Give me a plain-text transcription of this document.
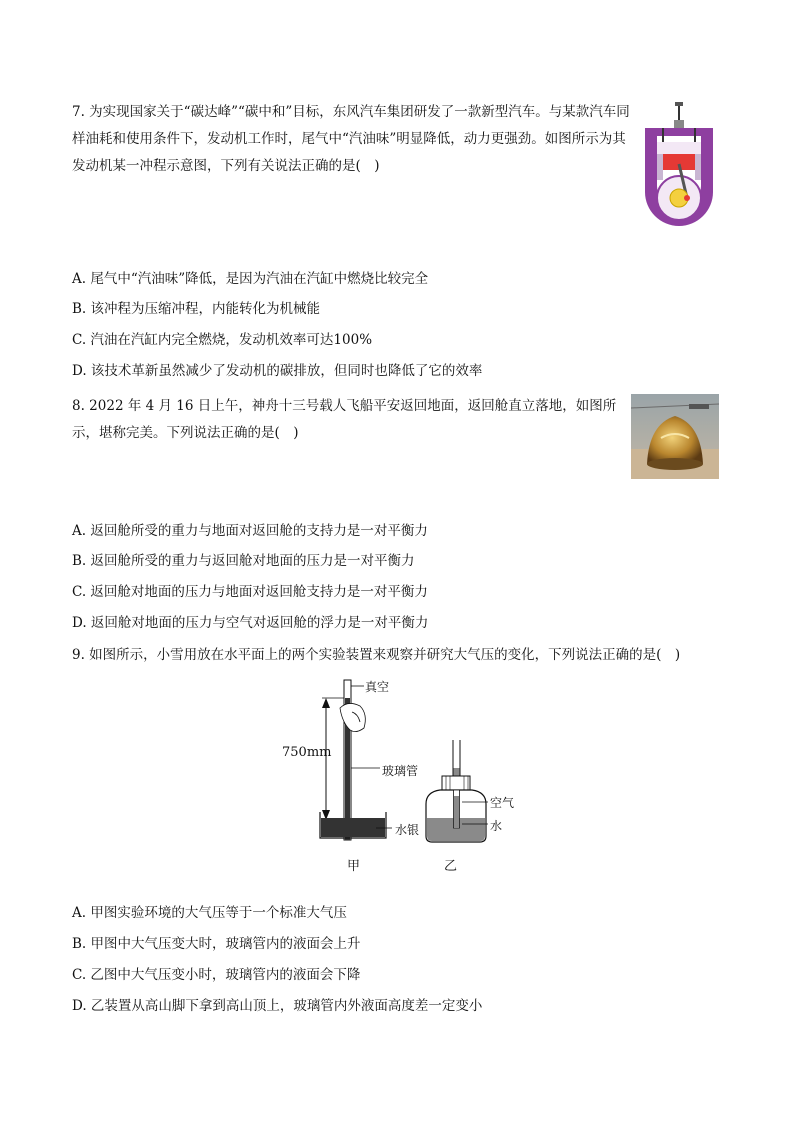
7. 为实现国家关于“碳达峰”“碳中和”目标，东风汽车集团研发了一款新型汽车。与某款汽车同样油耗和使用条件下，发动机工作时，尾气中“汽油味”明显降低，动力更强劲。如图所示为其发动机某一冲程示意图，下列有关说法正确的是(　)
A. 尾气中“汽油味”降低，是因为汽油在汽缸中燃烧比较完全
B. 该冲程为压缩冲程，内能转化为机械能
C. 汽油在汽缸内完全燃烧，发动机效率可达100%
D. 该技术革新虽然减少了发动机的碳排放，但同时也降低了它的效率
8. 2022 年 4 月 16 日上午，神舟十三号载人飞船平安返回地面，返回舱直立落地，如图所示，堪称完美。下列说法正确的是(　)
A. 返回舱所受的重力与地面对返回舱的支持力是一对平衡力
B. 返回舱所受的重力与返回舱对地面的压力是一对平衡力
C. 返回舱对地面的压力与地面对返回舱支持力是一对平衡力
D. 返回舱对地面的压力与空气对返回舱的浮力是一对平衡力
9. 如图所示，小雪用放在水平面上的两个实验装置来观察并研究大气压的变化，下列说法正确的是(　)
真空
750mm
玻璃管
水银
空气
水
甲	乙
A. 甲图实验环境的大气压等于一个标准大气压
B. 甲图中大气压变大时，玻璃管内的液面会上升
C. 乙图中大气压变小时，玻璃管内的液面会下降
D. 乙装置从高山脚下拿到高山顶上，玻璃管内外液面高度差一定变小
